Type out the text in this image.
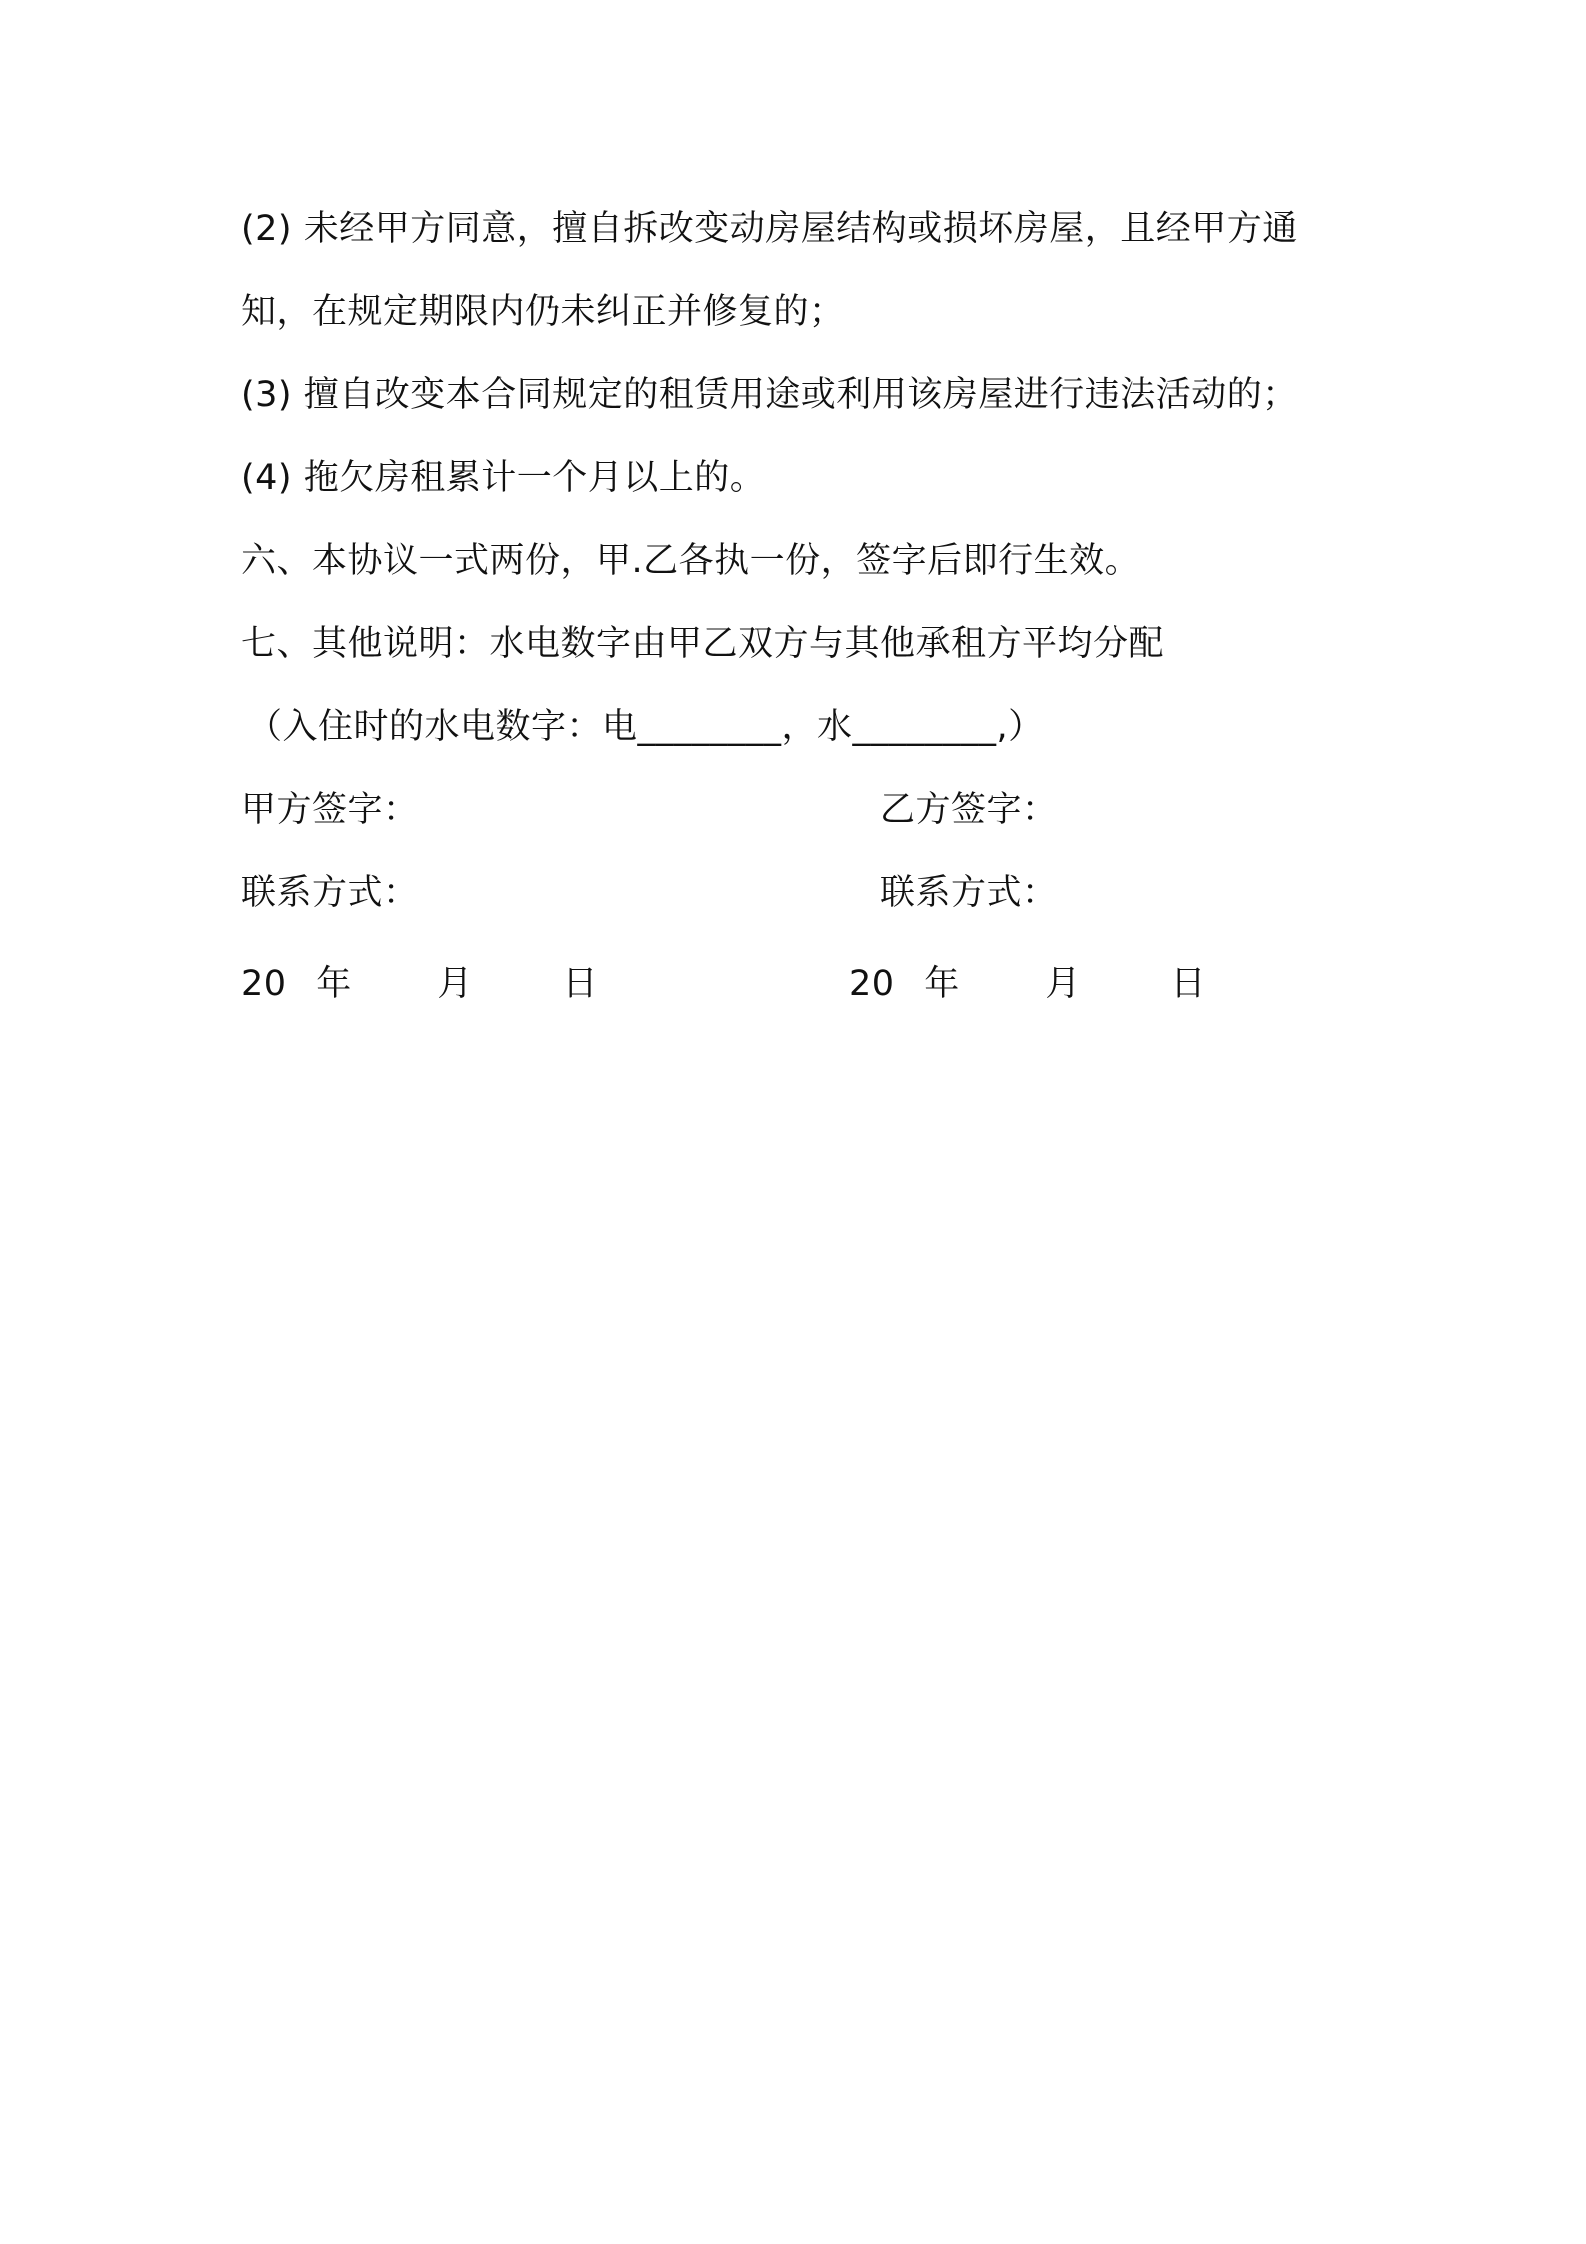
(2) 未经甲方同意，擅自拆改变动房屋结构或损坏房屋，且经甲方通
知，在规定期限内仍未纠正并修复的；
(3) 擅自改变本合同规定的租赁用途或利用该房屋进行违法活动的；
(4) 拖欠房租累计一个月以上的。
六、本协议一式两份，甲.乙各执一份，签字后即行生效。
七、其他说明：水电数字由甲乙双方与其他承租方平均分配
（入住时的水电数字：电________，水________,）
甲方签字：	乙方签字：
联系方式：	联系方式：
20 年 月	日	20 年 月	日
